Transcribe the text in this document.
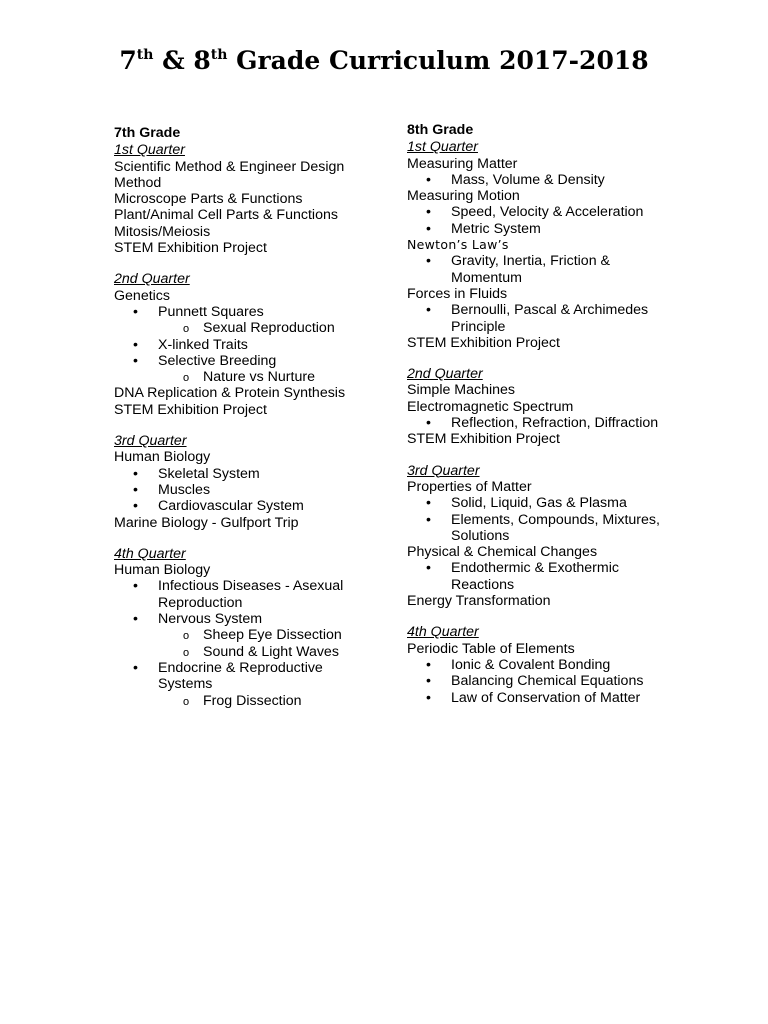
7th & 8th Grade Curriculum 2017-2018
7th Grade
1st Quarter
Scientific Method & Engineer Design Method
Microscope Parts & Functions
Plant/Animal Cell Parts & Functions
Mitosis/Meiosis
STEM Exhibition Project
2nd Quarter
Genetics
• Punnett Squares
o Sexual Reproduction
• X-linked Traits
• Selective Breeding
o Nature vs Nurture
DNA Replication & Protein Synthesis
STEM Exhibition Project
3rd Quarter
Human Biology
• Skeletal System
• Muscles
• Cardiovascular System
Marine Biology - Gulfport Trip
4th Quarter
Human Biology
• Infectious Diseases - Asexual Reproduction
• Nervous System
o Sheep Eye Dissection
o Sound & Light Waves
• Endocrine & Reproductive Systems
o Frog Dissection
8th Grade
1st Quarter
Measuring Matter
• Mass, Volume & Density
Measuring Motion
• Speed, Velocity & Acceleration
• Metric System
Newton’s Law’s
• Gravity, Inertia, Friction & Momentum
Forces in Fluids
• Bernoulli, Pascal & Archimedes Principle
STEM Exhibition Project
2nd Quarter
Simple Machines
Electromagnetic Spectrum
• Reflection, Refraction, Diffraction
STEM Exhibition Project
3rd Quarter
Properties of Matter
• Solid, Liquid, Gas & Plasma
• Elements, Compounds, Mixtures, Solutions
Physical & Chemical Changes
• Endothermic & Exothermic Reactions
Energy Transformation
4th Quarter
Periodic Table of Elements
• Ionic & Covalent Bonding
• Balancing Chemical Equations
• Law of Conservation of Matter
